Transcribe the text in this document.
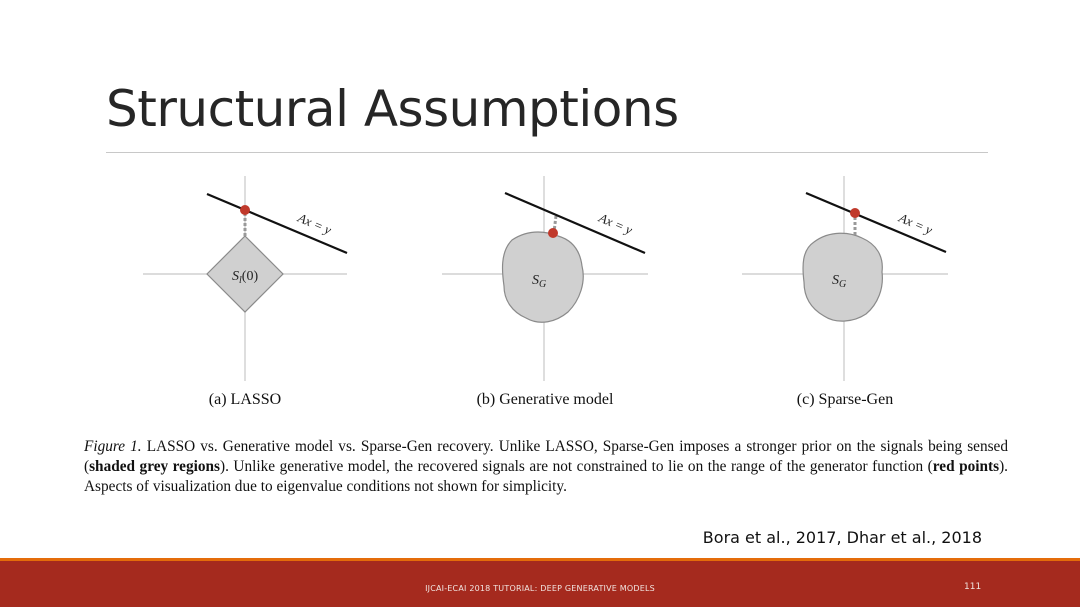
Structural Assumptions
Ax = y
$S_l(0)$
Ax = y
$S_G$
Ax = y
$S_G$
(a) LASSO	(b) Generative model	(c) Sparse-Gen

Figure 1. LASSO vs. Generative model vs. Sparse-Gen recovery. Unlike LASSO, Sparse-Gen imposes a stronger prior on the signals being sensed (shaded grey regions). Unlike generative model, the recovered signals are not constrained to lie on the range of the generator function (red points). Aspects of visualization due to eigenvalue conditions not shown for simplicity.

Bora et al., 2017, Dhar et al., 2018
IJCAI-ECAI 2018 TUTORIAL: DEEP GENERATIVE MODELS	111
